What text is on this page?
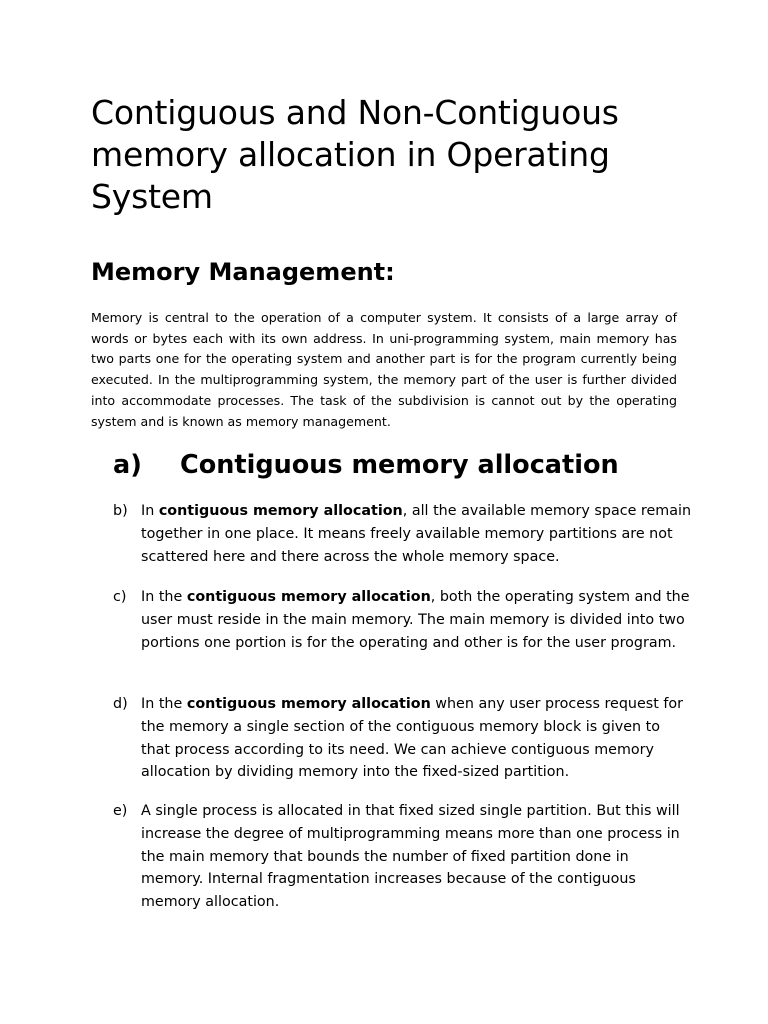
Contiguous and Non-Contiguous memory allocation in Operating System
Memory Management:

Memory is central to the operation of a computer system. It consists of a large array of words or bytes each with its own address. In uni-programming system, main memory has two parts one for the operating system and another part is for the program currently being executed. In the multiprogramming system, the memory part of the user is further divided into accommodate processes. The task of the subdivision is cannot out by the operating system and is known as memory management.

a)	Contiguous memory allocation
b) In contiguous memory allocation, all the available memory space remain together in one place. It means freely available memory partitions are not scattered here and there across the whole memory space.
c)	In the contiguous memory allocation, both the operating system and the user must reside in the main memory. The main memory is divided into two portions one portion is for the operating and other is for the user program.
d) In the contiguous memory allocation when any user process request for the memory a single section of the contiguous memory block is given to that process according to its need. We can achieve contiguous memory allocation by dividing memory into the fixed-sized partition.
e) A single process is allocated in that fixed sized single partition. But this will increase the degree of multiprogramming means more than one process in the main memory that bounds the number of fixed partition done in memory. Internal fragmentation increases because of the contiguous memory allocation.
